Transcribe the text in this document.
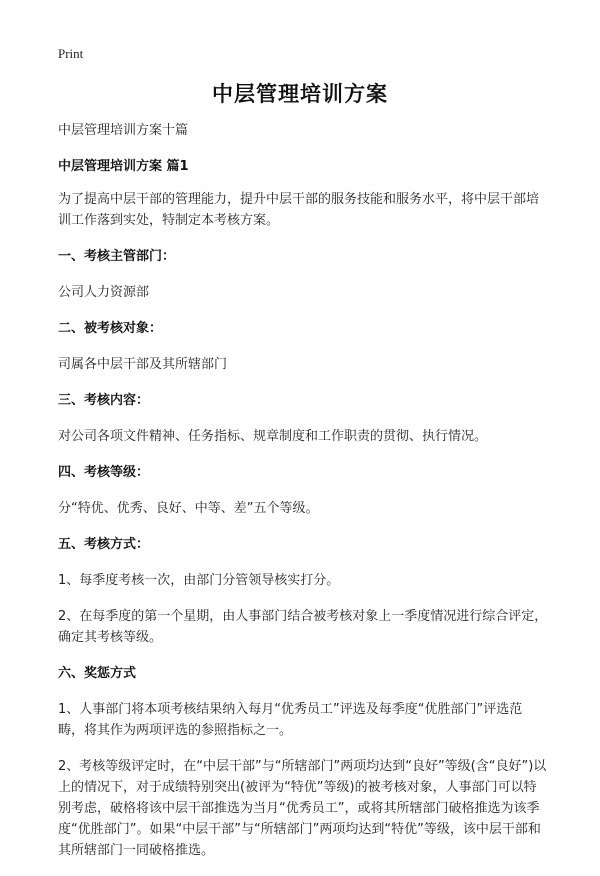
Print
中层管理培训方案
中层管理培训方案十篇
中层管理培训方案 篇1
为了提高中层干部的管理能力，提升中层干部的服务技能和服务水平，将中层干部培训工作落到实处，特制定本考核方案。
一、考核主管部门：
公司人力资源部
二、被考核对象：
司属各中层干部及其所辖部门
三、考核内容：
对公司各项文件精神、任务指标、规章制度和工作职责的贯彻、执行情况。
四、考核等级：
分“特优、优秀、良好、中等、差”五个等级。
五、考核方式：
1、每季度考核一次，由部门分管领导核实打分。
2、在每季度的第一个星期，由人事部门结合被考核对象上一季度情况进行综合评定，确定其考核等级。
六、奖惩方式
1、人事部门将本项考核结果纳入每月“优秀员工”评选及每季度“优胜部门”评选范畴，将其作为两项评选的参照指标之一。
2、考核等级评定时，在“中层干部”与“所辖部门”两项均达到“良好”等级(含“良好”)以上的情况下，对于成绩特别突出(被评为“特优”等级)的被考核对象，人事部门可以特别考虑，破格将该中层干部推选为当月“优秀员工”，或将其所辖部门破格推选为该季度“优胜部门”。如果“中层干部”与“所辖部门”两项均达到“特优”等级，该中层干部和其所辖部门一同破格推选。
